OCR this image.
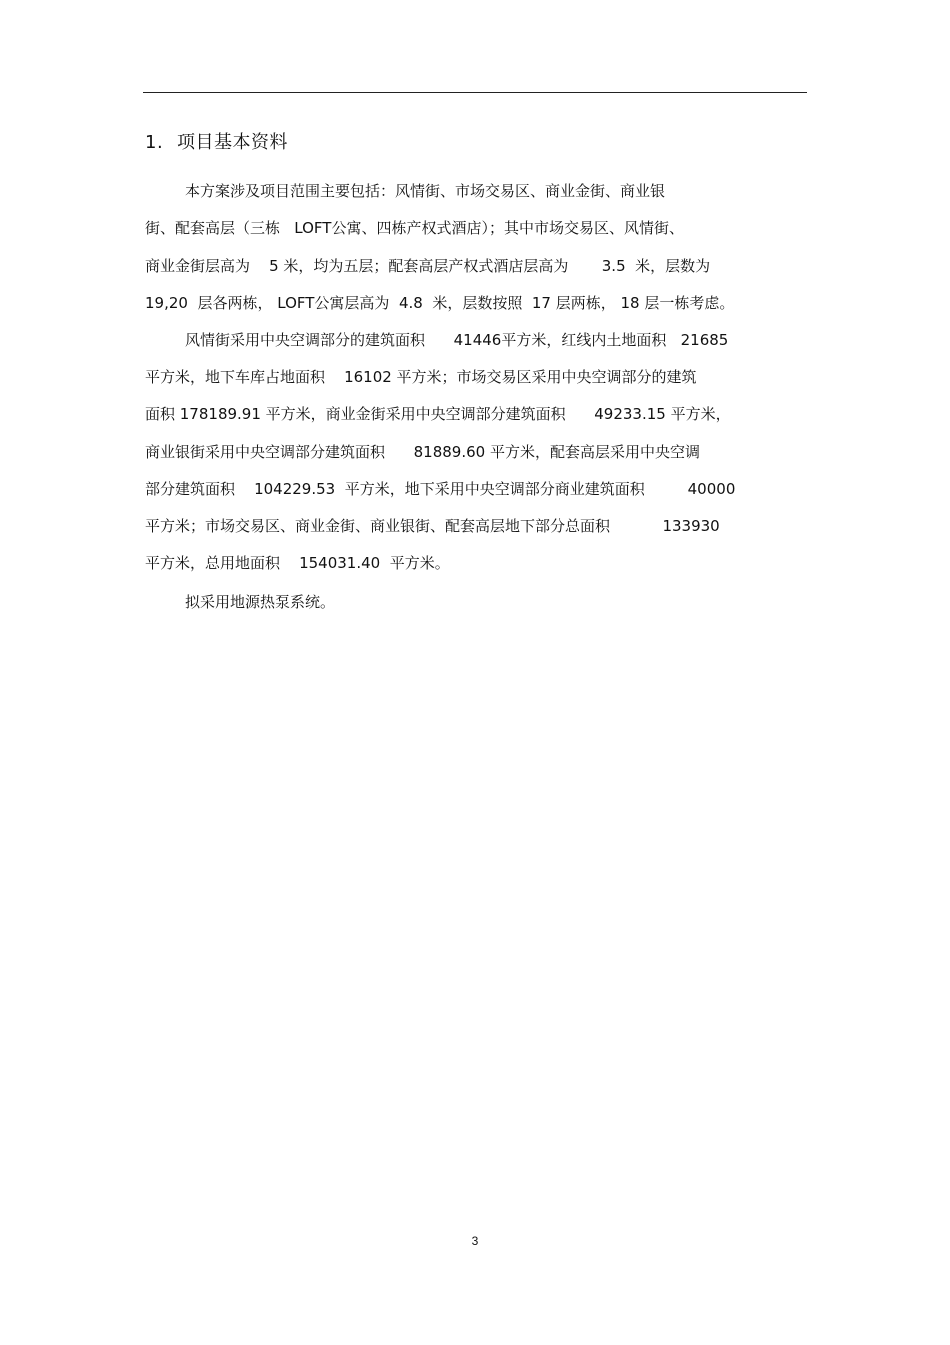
1. 项目基本资料
本方案涉及项目范围主要包括：风情街、市场交易区、商业金街、商业银
街、配套高层（三栋   LOFT公寓、四栋产权式酒店）；其中市场交易区、风情街、
商业金街层高为    5 米，均为五层；配套高层产权式酒店层高为       3.5  米，层数为
19,20  层各两栋， LOFT公寓层高为  4.8  米，层数按照  17 层两栋， 18 层一栋考虑。
风情街采用中央空调部分的建筑面积      41446平方米，红线内土地面积   21685
平方米，地下车库占地面积    16102 平方米；市场交易区采用中央空调部分的建筑
面积 178189.91 平方米，商业金街采用中央空调部分建筑面积      49233.15 平方米，
商业银街采用中央空调部分建筑面积      81889.60 平方米，配套高层采用中央空调
部分建筑面积    104229.53  平方米，地下采用中央空调部分商业建筑面积         40000
平方米；市场交易区、商业金街、商业银街、配套高层地下部分总面积           133930
平方米，总用地面积    154031.40  平方米。
拟采用地源热泵系统。
3
